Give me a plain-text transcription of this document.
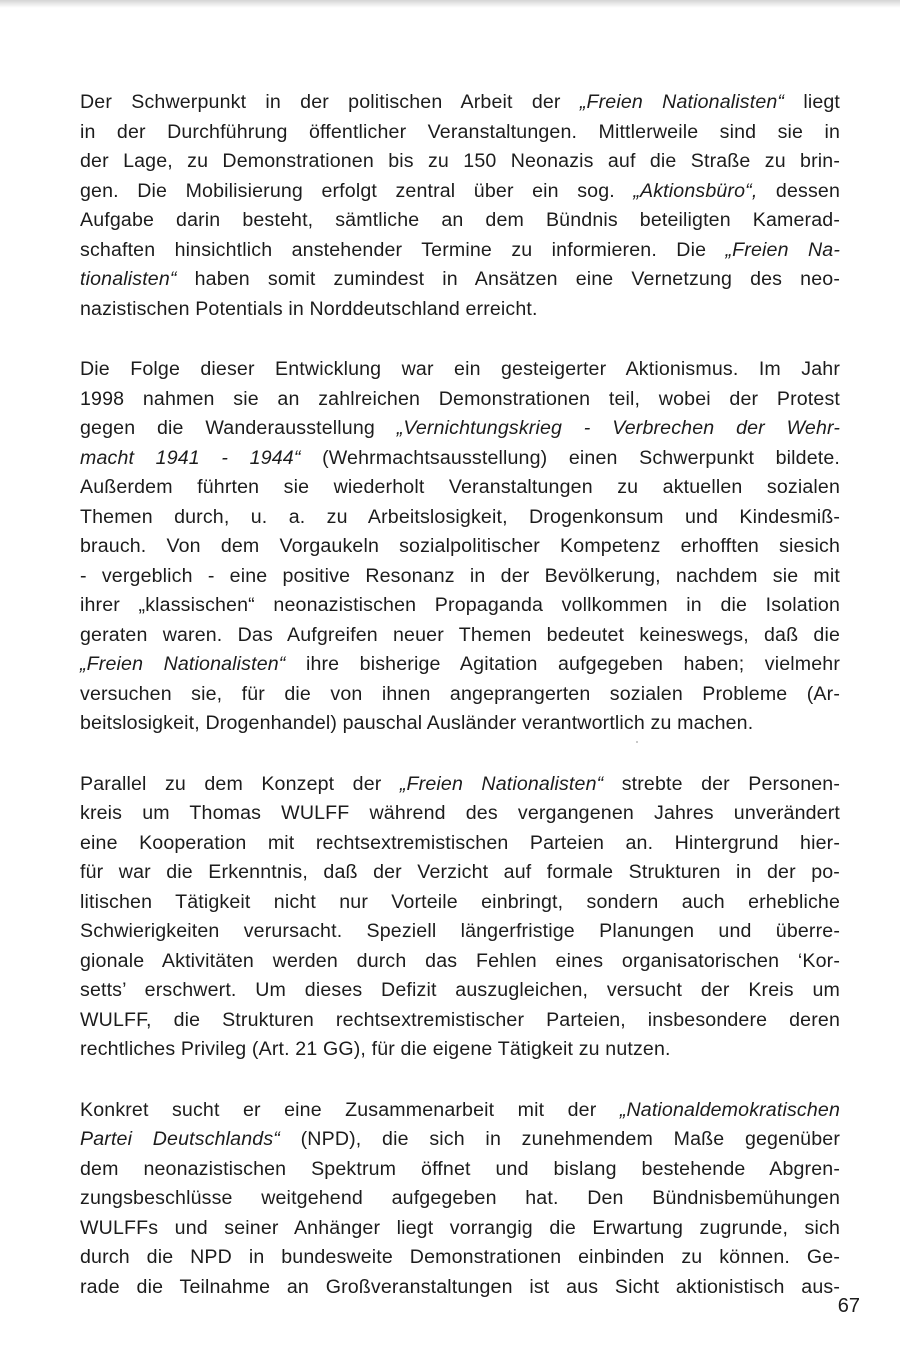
Der Schwerpunkt in der politischen Arbeit der „Freien Nationalisten“ liegt
in der Durchführung öffentlicher Veranstaltungen. Mittlerweile sind sie in
der Lage, zu Demonstrationen bis zu 150 Neonazis auf die Straße zu brin-
gen. Die Mobilisierung erfolgt zentral über ein sog. „Aktionsbüro“, dessen
Aufgabe darin besteht, sämtliche an dem Bündnis beteiligten Kamerad-
schaften hinsichtlich anstehender Termine zu informieren. Die „Freien Na-
tionalisten“ haben somit zumindest in Ansätzen eine Vernetzung des neo-
nazistischen Potentials in Norddeutschland erreicht.
Die Folge dieser Entwicklung war ein gesteigerter Aktionismus. Im Jahr
1998 nahmen sie an zahlreichen Demonstrationen teil, wobei der Protest
gegen die Wanderausstellung „Vernichtungskrieg - Verbrechen der Wehr-
macht 1941 - 1944“ (Wehrmachtsausstellung) einen Schwerpunkt bildete.
Außerdem führten sie wiederholt Veranstaltungen zu aktuellen sozialen
Themen durch, u. a. zu Arbeitslosigkeit, Drogenkonsum und Kindesmiß-
brauch. Von dem Vorgaukeln sozialpolitischer Kompetenz erhofften siesich
- vergeblich - eine positive Resonanz in der Bevölkerung, nachdem sie mit
ihrer „klassischen“ neonazistischen Propaganda vollkommen in die Isolation
geraten waren. Das Aufgreifen neuer Themen bedeutet keineswegs, daß die
„Freien Nationalisten“ ihre bisherige Agitation aufgegeben haben; vielmehr
versuchen sie, für die von ihnen angeprangerten sozialen Probleme (Ar-
beitslosigkeit, Drogenhandel) pauschal Ausländer verantwortlich zu machen.
Parallel zu dem Konzept der „Freien Nationalisten“ strebte der Personen-
kreis um Thomas WULFF während des vergangenen Jahres unverändert
eine Kooperation mit rechtsextremistischen Parteien an. Hintergrund hier-
für war die Erkenntnis, daß der Verzicht auf formale Strukturen in der po-
litischen Tätigkeit nicht nur Vorteile einbringt, sondern auch erhebliche
Schwierigkeiten verursacht. Speziell längerfristige Planungen und überre-
gionale Aktivitäten werden durch das Fehlen eines organisatorischen ‘Kor-
setts’ erschwert. Um dieses Defizit auszugleichen, versucht der Kreis um
WULFF, die Strukturen rechtsextremistischer Parteien, insbesondere deren
rechtliches Privileg (Art. 21 GG), für die eigene Tätigkeit zu nutzen.
Konkret sucht er eine Zusammenarbeit mit der „Nationaldemokratischen
Partei Deutschlands“ (NPD), die sich in zunehmendem Maße gegenüber
dem neonazistischen Spektrum öffnet und bislang bestehende Abgren-
zungsbeschlüsse weitgehend aufgegeben hat. Den Bündnisbemühungen
WULFFs und seiner Anhänger liegt vorrangig die Erwartung zugrunde, sich
durch die NPD in bundesweite Demonstrationen einbinden zu können. Ge-
rade die Teilnahme an Großveranstaltungen ist aus Sicht aktionistisch aus-
67
